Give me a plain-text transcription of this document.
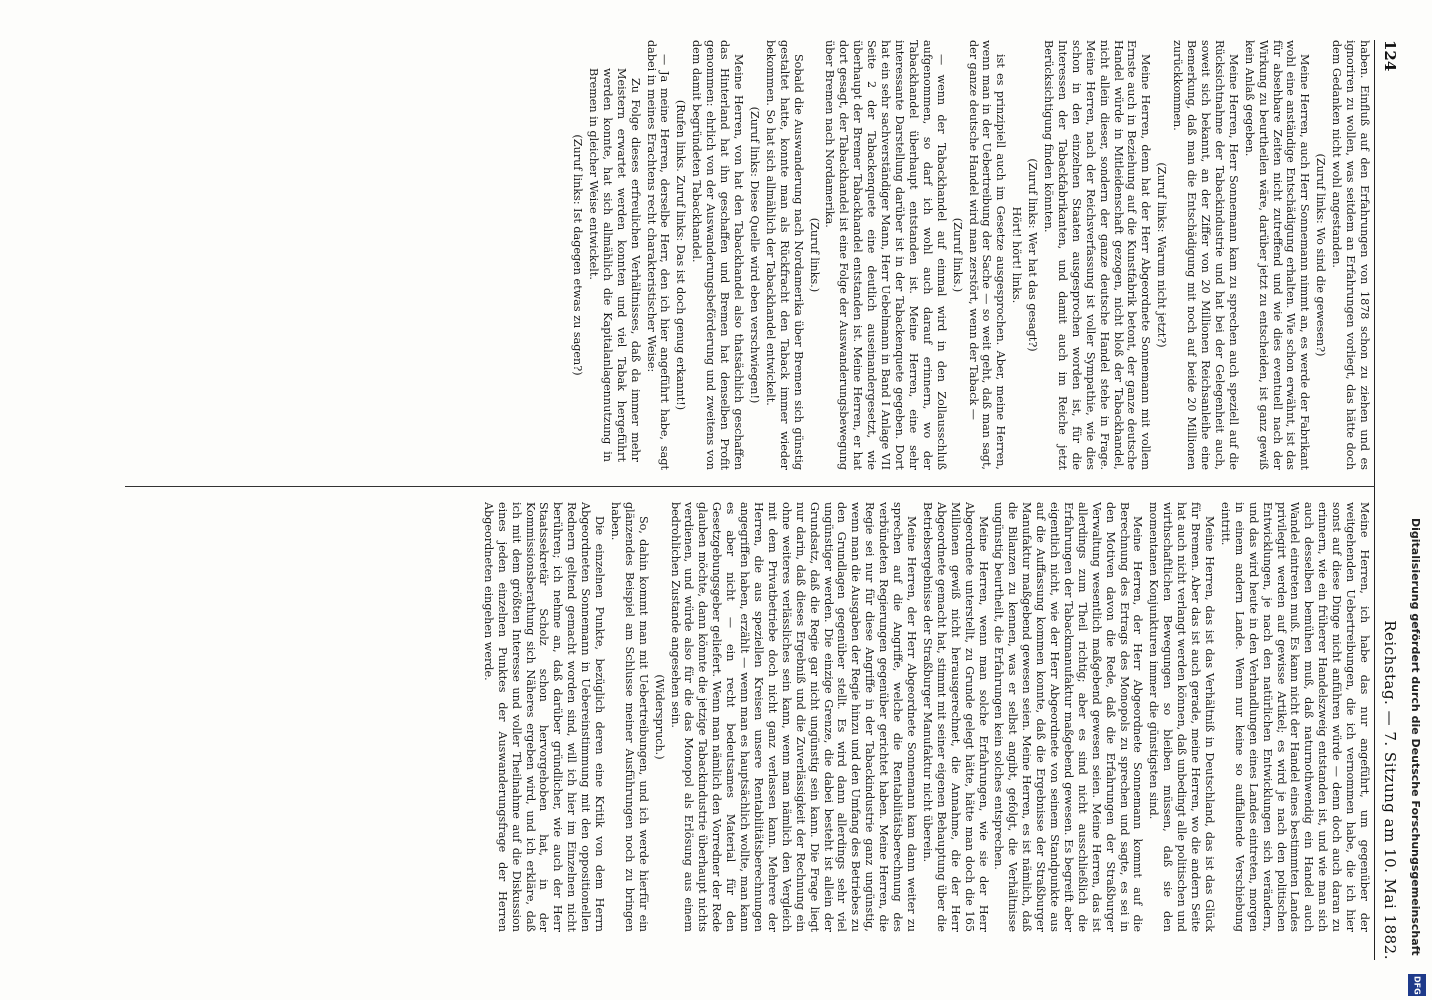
124
Reichstag. — 7. Sitzung am 10. Mai 1882.

haben. Einfluß auf den Erfahrungen von 1878 schon zu ziehen und es ignoriren zu wollen, was seitdem an Erfahrungen vorliegt, das hätte doch dem Gedanken nicht wohl angestanden.

(Zuruf links: Wo sind die gewesen?)

Meine Herren, auch Herr Sonnemann nimmt an, es werde der Fabrikant wohl eine anständige Entschädigung erhalten. Wie schon erwähnt, ist das für absehbare Zeiten nicht zutreffend und wie dies eventuell nach der Wirkung zu beurtheilen wäre, darüber jetzt zu entscheiden, ist ganz gewiß kein Anlaß gegeben.

Meine Herren, Herr Sonnemann kam zu sprechen auch speziell auf die Rücksichtnahme der Tabackindustrie und hat bei der Gelegenheit auch, soweit sich bekannt, an der Ziffer von 20 Millionen Reichsanleihe eine Bemerkung, daß man die Entschädigung mit noch auf beide 20 Millionen zurückkommen.

(Zuruf links: Warum nicht jetzt?)

Meine Herren, denn hat der Herr Abgeordnete Sonnemann mit vollem Ernste auch in Beziehung auf die Kunstfabrik betont, der ganze deutsche Handel würde in Mitleidenschaft gezogen, nicht bloß der Tabackhandel, nicht allein dieser, sondern der ganze deutsche Handel stehe in Frage. Meine Herren, nach der Reichsverfassung ist voller Sympathie, wie dies schon in den einzelnen Staaten ausgesprochen worden ist, für die Interessen der Tabackfabrikanten, und damit auch im Reiche jetzt Berücksichtigung finden könnten.

(Zuruf links: Wer hat das gesagt?)

Hört! hört! links.

ist es prinzipiell auch im Gesetze ausgesprochen. Aber, meine Herren, wenn man in der Uebertreibung der Sache — so weit geht, daß man sagt, der ganze deutsche Handel wird man zerstört, wenn der Taback —

(Zuruf links.)

— wenn der Tabackhandel auf einmal wird in den Zollausschluß aufgenommen, so darf ich wohl auch darauf erinnern, wo der Tabackhandel überhaupt entstanden ist. Meine Herren, eine sehr interessante Darstellung darüber ist in der Tabackenquete gegeben. Dort hat ein sehr sachverständiger Mann, Herr Uebelmann in Band I Anlage VII Seite 2 der Tabackenquete eine deutlich auseinandergesetzt, wie überhaupt der Bremer Tabackhandel entstanden ist. Meine Herren, er hat dort gesagt, der Tabackhandel ist eine Folge der Auswanderungsbewegung über Bremen nach Nordamerika.

(Zuruf links.)

Sobald die Auswanderung nach Nordamerika über Bremen sich günstig gestaltet hatte, konnte man als Rückfracht den Taback immer wieder bekommen. So hat sich allmählich der Tabackhandel entwickelt.

(Zuruf links: Diese Quelle wird eben verschwiegen!)

Meine Herren, von hat den Tabackhandel also thatsächlich geschaffen das Hinterland hat ihn geschaffen und Bremen hat denselben Profit genommen: ehrlich von der Auswanderungsbeförderung und zweitens von dem damit begründeten Tabackhandel.

(Rufen links. Zuruf links: Das ist doch genug erkannt!)

— Ja meine Herren, derselbe Herr, den ich hier angeführt habe, sagt dabei in meines Erachtens recht charakteristischer Weise:

Zu Folge dieses erfreulichen Verhältnisses, daß da immer mehr Meistern erwartet werden konnten und viel Tabak hergeführt werden konnte, hat sich allmählich die Kapitalanlagennutzung in Bremen in gleicher Weise entwickelt.

(Zuruf links: Ist dagegen etwas zu sagen?)

Meine Herren, ich habe das nur angeführt, um gegenüber der weitgehenden Uebertreibungen, die ich vernommen habe, die ich hier sonst auf diese Dinge nicht anführen würde — denn doch auch daran zu erinnern, wie ein früherer Handelszweig entstanden ist, und wie man sich auch desselben bemühen muß, daß naturnothwendig ein Handel auch Wandel eintreten muß. Es kann nicht der Handel eines bestimmten Landes privilegirt werden auf gewisse Artikel; es wird je nach den politischen Entwicklungen, je nach den natürlichen Entwicklungen sich verändern, und das wird heute in den Verhandlungen eines Landes eintreten, morgen in einem andern Lande. Wenn nur keine so auffallende Verschiebung eintritt.

Meine Herren, das ist das Verhältniß in Deutschland, das ist das Glück für Bremen. Aber das ist auch gerade, meine Herren, wo die andern Seite hat auch nicht verlangt werden können, daß unbedingt alle politischen und wirthschaftlichen Bewegungen so bleiben müssen, daß sie den momentanen Konjunkturen immer die günstigsten sind.

Meine Herren, der Herr Abgeordnete Sonnemann kommt auf die Berechnung des Ertrags des Monopols zu sprechen und sagte, es sei in den Motiven davon die Rede, daß die Erfahrungen der Straßburger Verwaltung wesentlich maßgebend gewesen seien. Meine Herren, das ist allerdings zum Theil richtig; aber es sind nicht ausschließlich die Erfahrungen der Tabackmanufaktur maßgebend gewesen. Es begreift aber eigentlich nicht, wie der Herr Abgeordnete von seinem Standpunkte aus auf die Auffassung kommen konnte, daß die Ergebnisse der Straßburger Manufaktur maßgebend gewesen seien. Meine Herren, es ist nämlich, daß die Bilanzen zu kennen, was er selbst angibt, gefolgt, die Verhältnisse ungünstig beurtheilt, die Erfahrungen kein solches entsprechen.

Meine Herren, wenn man solche Erfahrungen, wie sie der Herr Abgeordnete unterstellt, zu Grunde gelegt hätte, hätte man doch die 165 Millionen gewiß nicht herausgerechnet, die Annahme, die der Herr Abgeordnete gemacht hat, stimmt mit seiner eigenen Behauptung über die Betriebsergebnisse der Straßburger Manufaktur nicht überein.

Meine Herren, der Herr Abgeordnete Sonnemann kam dann weiter zu sprechen auf die Angriffe, welche die Rentabilitätsberechnung des verbündeten Regierungen gegenüber gerichtet haben. Meine Herren, die Regie sei nur für diese Angriffe in der Tabackindustrie ganz ungünstig, wenn man die Ausgaben der Regie hinzu und den Umfang des Betriebes zu den Grundlagen gegenüber stellt. Es wird dann allerdings sehr viel ungünstiger werden. Die einzige Grenze, die dabei besteht ist allein der Grundsatz, daß die Regie gar nicht ungünstig sein kann. Die Frage liegt nur darin, daß dieses Ergebniß und die Zuverlässigkeit der Rechnung ein ohne weiteres verlässliches sein kann, wenn man nämlich den Vergleich mit dem Privatbetriebe doch nicht ganz verlassen kann. Mehrere der Herren, die aus speziellen Kreisen unsere Rentabilitätsberechnungen angegriffen haben, erzählt — wenn man es hauptsächlich wollte, man kann es aber nicht — ein recht bedeutsames Material für den Gesetzgebungsgeber geliefert. Wenn man nämlich den Vorredner der Rede glauben möchte, dann könnte die jetzige Tabackindustrie überhaupt nichts verdienen, und würde also für die das Monopol als Erlösung aus einem bedrohlichen Zustande angesehen sein.

(Widerspruch.)

So, dahin kommt man mit Uebertreibungen, und ich werde hierfür ein glänzendes Beispiel am Schlusse meiner Ausführungen noch zu bringen haben.

Die einzelnen Punkte, bezüglich deren eine Kritik von dem Herrn Abgeordneten Sonnemann in Uebereinstimmung mit den oppositionellen Rednern geltend gemacht worden sind, will ich hier im Einzelnen nicht berühren; ich nehme an, daß darüber gründlicher, wie auch der Herr Staatssekretär Scholz schon hervorgehoben hat, in der Kommissionsberathung sich Näheres ergeben wird, und ich erkläre, daß ich mit dem größten Interesse und voller Theilnahme auf die Diskussion eines jeden einzelnen Punktes der Auswanderungsfrage der Herren Abgeordneten eingehen werde.	Digitalisierung gefördert durch die Deutsche Forschungsgemeinschaft
DFG
